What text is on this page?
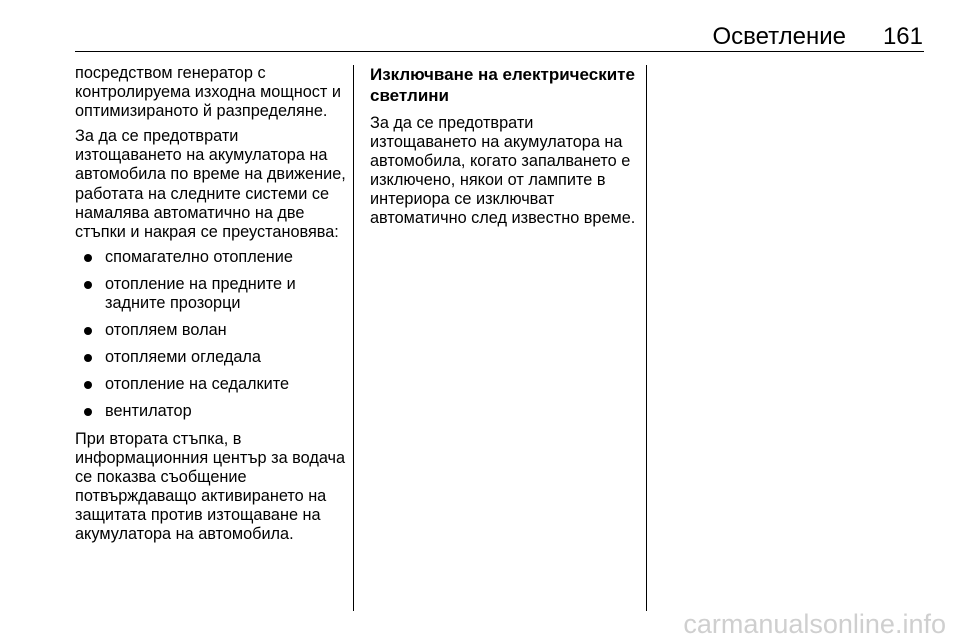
Осветление 161

посредством генератор с
контролируема изходна мощност и
оптимизираното й разпределяне.

За да се предотврати
изтощаването на акумулатора на
автомобила по време на движение,
работата на следните системи се
намалява автоматично на две
стъпки и накрая се преустановява:

спомагателно отопление
отопление на предните и
задните прозорци
отопляем волан
отопляеми огледала
отопление на седалките
вентилатор

При втората стъпка, в
информационния център за водача
се показва съобщение
потвърждаващо активирането на
защитата против изтощаване на
акумулатора на автомобила.

Изключване на електрическите
светлини

За да се предотврати
изтощаването на акумулатора на
автомобила, когато запалването е
изключено, някои от лампите в
интериора се изключват
автоматично след известно време.

carmanualsonline.info
